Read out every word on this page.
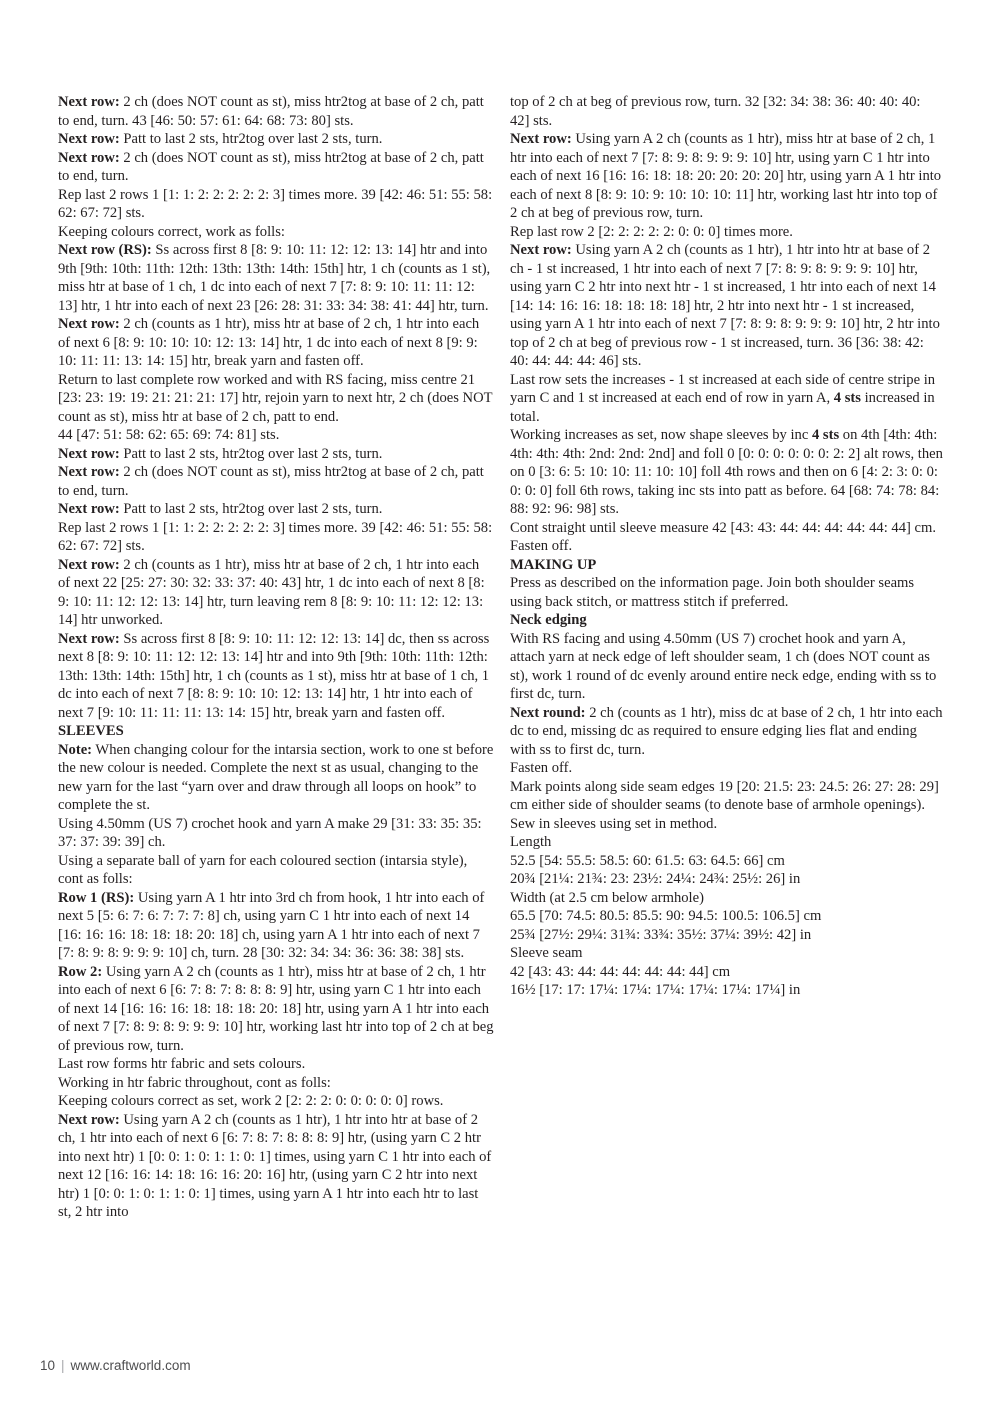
Next row: 2 ch (does NOT count as st), miss htr2tog at base of 2 ch, patt to end, turn. 43 [46: 50: 57: 61: 64: 68: 73: 80] sts.

Next row: Patt to last 2 sts, htr2tog over last 2 sts, turn.

Next row: 2 ch (does NOT count as st), miss htr2tog at base of 2 ch, patt to end, turn.

Rep last 2 rows 1 [1: 1: 2: 2: 2: 2: 2: 3] times more. 39 [42: 46: 51: 55: 58: 62: 67: 72] sts.

Keeping colours correct, work as folls:

Next row (RS): Ss across first 8 [8: 9: 10: 11: 12: 12: 13: 14] htr and into 9th [9th: 10th: 11th: 12th: 13th: 13th: 14th: 15th] htr, 1 ch (counts as 1 st), miss htr at base of 1 ch, 1 dc into each of next 7 [7: 8: 9: 10: 11: 11: 12: 13] htr, 1 htr into each of next 23 [26: 28: 31: 33: 34: 38: 41: 44] htr, turn.

Next row: 2 ch (counts as 1 htr), miss htr at base of 2 ch, 1 htr into each of next 6 [8: 9: 10: 10: 10: 12: 13: 14] htr, 1 dc into each of next 8 [9: 9: 10: 11: 11: 13: 14: 15] htr, break yarn and fasten off.

Return to last complete row worked and with RS facing, miss centre 21 [23: 23: 19: 19: 21: 21: 21: 17] htr, rejoin yarn to next htr, 2 ch (does NOT count as st), miss htr at base of 2 ch, patt to end.

44 [47: 51: 58: 62: 65: 69: 74: 81] sts.

Next row: Patt to last 2 sts, htr2tog over last 2 sts, turn.

Next row: 2 ch (does NOT count as st), miss htr2tog at base of 2 ch, patt to end, turn.

Next row: Patt to last 2 sts, htr2tog over last 2 sts, turn.

Rep last 2 rows 1 [1: 1: 2: 2: 2: 2: 2: 3] times more. 39 [42: 46: 51: 55: 58: 62: 67: 72] sts.

Next row: 2 ch (counts as 1 htr), miss htr at base of 2 ch, 1 htr into each of next 22 [25: 27: 30: 32: 33: 37: 40: 43] htr, 1 dc into each of next 8 [8: 9: 10: 11: 12: 12: 13: 14] htr, turn leaving rem 8 [8: 9: 10: 11: 12: 12: 13: 14] htr unworked.

Next row: Ss across first 8 [8: 9: 10: 11: 12: 12: 13: 14] dc, then ss across next 8 [8: 9: 10: 11: 12: 12: 13: 14] htr and into 9th [9th: 10th: 11th: 12th: 13th: 13th: 14th: 15th] htr, 1 ch (counts as 1 st), miss htr at base of 1 ch, 1 dc into each of next 7 [8: 8: 9: 10: 10: 12: 13: 14] htr, 1 htr into each of next 7 [9: 10: 11: 11: 11: 13: 14: 15] htr, break yarn and fasten off.

SLEEVES

Note: When changing colour for the intarsia section, work to one st before the new colour is needed. Complete the next st as usual, changing to the new yarn for the last “yarn over and draw through all loops on hook” to complete the st.

Using 4.50mm (US 7) crochet hook and yarn A make 29 [31: 33: 35: 35: 37: 37: 39: 39] ch.

Using a separate ball of yarn for each coloured section (intarsia style), cont as folls:

Row 1 (RS): Using yarn A 1 htr into 3rd ch from hook, 1 htr into each of next 5 [5: 6: 7: 6: 7: 7: 7: 8] ch, using yarn C 1 htr into each of next 14 [16: 16: 16: 18: 18: 18: 20: 18] ch, using yarn A 1 htr into each of next 7 [7: 8: 9: 8: 9: 9: 9: 10] ch, turn. 28 [30: 32: 34: 34: 36: 36: 38: 38] sts.

Row 2: Using yarn A 2 ch (counts as 1 htr), miss htr at base of 2 ch, 1 htr into each of next 6 [6: 7: 8: 7: 8: 8: 8: 9] htr, using yarn C 1 htr into each of next 14 [16: 16: 16: 18: 18: 18: 20: 18] htr, using yarn A 1 htr into each of next 7 [7: 8: 9: 8: 9: 9: 9: 10] htr, working last htr into top of 2 ch at beg of previous row, turn.

Last row forms htr fabric and sets colours.

Working in htr fabric throughout, cont as folls:

Keeping colours correct as set, work 2 [2: 2: 2: 0: 0: 0: 0: 0] rows.

Next row: Using yarn A 2 ch (counts as 1 htr), 1 htr into htr at base of 2 ch, 1 htr into each of next 6 [6: 7: 8: 7: 8: 8: 8: 9] htr, (using yarn C 2 htr into next htr) 1 [0: 0: 1: 0: 1: 1: 0: 1] times, using yarn C 1 htr into each of next 12 [16: 16: 14: 18: 16: 16: 20: 16] htr, (using yarn C 2 htr into next htr) 1 [0: 0: 1: 0: 1: 1: 0: 1] times, using yarn A 1 htr into each htr to last st, 2 htr into

top of 2 ch at beg of previous row, turn. 32 [32: 34: 38: 36: 40: 40: 40: 42] sts.

Next row: Using yarn A 2 ch (counts as 1 htr), miss htr at base of 2 ch, 1 htr into each of next 7 [7: 8: 9: 8: 9: 9: 9: 10] htr, using yarn C 1 htr into each of next 16 [16: 16: 18: 18: 20: 20: 20: 20] htr, using yarn A 1 htr into each of next 8 [8: 9: 10: 9: 10: 10: 10: 11] htr, working last htr into top of 2 ch at beg of previous row, turn.

Rep last row 2 [2: 2: 2: 2: 2: 0: 0: 0] times more.

Next row: Using yarn A 2 ch (counts as 1 htr), 1 htr into htr at base of 2 ch - 1 st increased, 1 htr into each of next 7 [7: 8: 9: 8: 9: 9: 9: 10] htr, using yarn C 2 htr into next htr - 1 st increased, 1 htr into each of next 14 [14: 14: 16: 16: 18: 18: 18: 18] htr, 2 htr into next htr - 1 st increased, using yarn A 1 htr into each of next 7 [7: 8: 9: 8: 9: 9: 9: 10] htr, 2 htr into top of 2 ch at beg of previous row - 1 st increased, turn. 36 [36: 38: 42: 40: 44: 44: 44: 46] sts.

Last row sets the increases - 1 st increased at each side of centre stripe in yarn C and 1 st increased at each end of row in yarn A, 4 sts increased in total.

Working increases as set, now shape sleeves by inc 4 sts on 4th [4th: 4th: 4th: 4th: 4th: 2nd: 2nd: 2nd] and foll 0 [0: 0: 0: 0: 0: 0: 2: 2] alt rows, then on 0 [3: 6: 5: 10: 10: 11: 10: 10] foll 4th rows and then on 6 [4: 2: 3: 0: 0: 0: 0: 0] foll 6th rows, taking inc sts into patt as before. 64 [68: 74: 78: 84: 88: 92: 96: 98] sts.

Cont straight until sleeve measure 42 [43: 43: 44: 44: 44: 44: 44: 44] cm.

Fasten off.

MAKING UP

Press as described on the information page. Join both shoulder seams using back stitch, or mattress stitch if preferred.

Neck edging

With RS facing and using 4.50mm (US 7) crochet hook and yarn A, attach yarn at neck edge of left shoulder seam, 1 ch (does NOT count as st), work 1 round of dc evenly around entire neck edge, ending with ss to first dc, turn.

Next round: 2 ch (counts as 1 htr), miss dc at base of 2 ch, 1 htr into each dc to end, missing dc as required to ensure edging lies flat and ending with ss to first dc, turn.

Fasten off.

Mark points along side seam edges 19 [20: 21.5: 23: 24.5: 26: 27: 28: 29] cm either side of shoulder seams (to denote base of armhole openings). Sew in sleeves using set in method.

Length

52.5 [54: 55.5: 58.5: 60: 61.5: 63: 64.5: 66] cm

20¾ [21¼: 21¾: 23: 23½: 24¼: 24¾: 25½: 26] in

Width (at 2.5 cm below armhole)

65.5 [70: 74.5: 80.5: 85.5: 90: 94.5: 100.5: 106.5] cm

25¾ [27½: 29¼: 31¾: 33¾: 35½: 37¼: 39½: 42] in

Sleeve seam

42 [43: 43: 44: 44: 44: 44: 44: 44] cm

16½ [17: 17: 17¼: 17¼: 17¼: 17¼: 17¼: 17¼] in

10 | www.craftworld.com
